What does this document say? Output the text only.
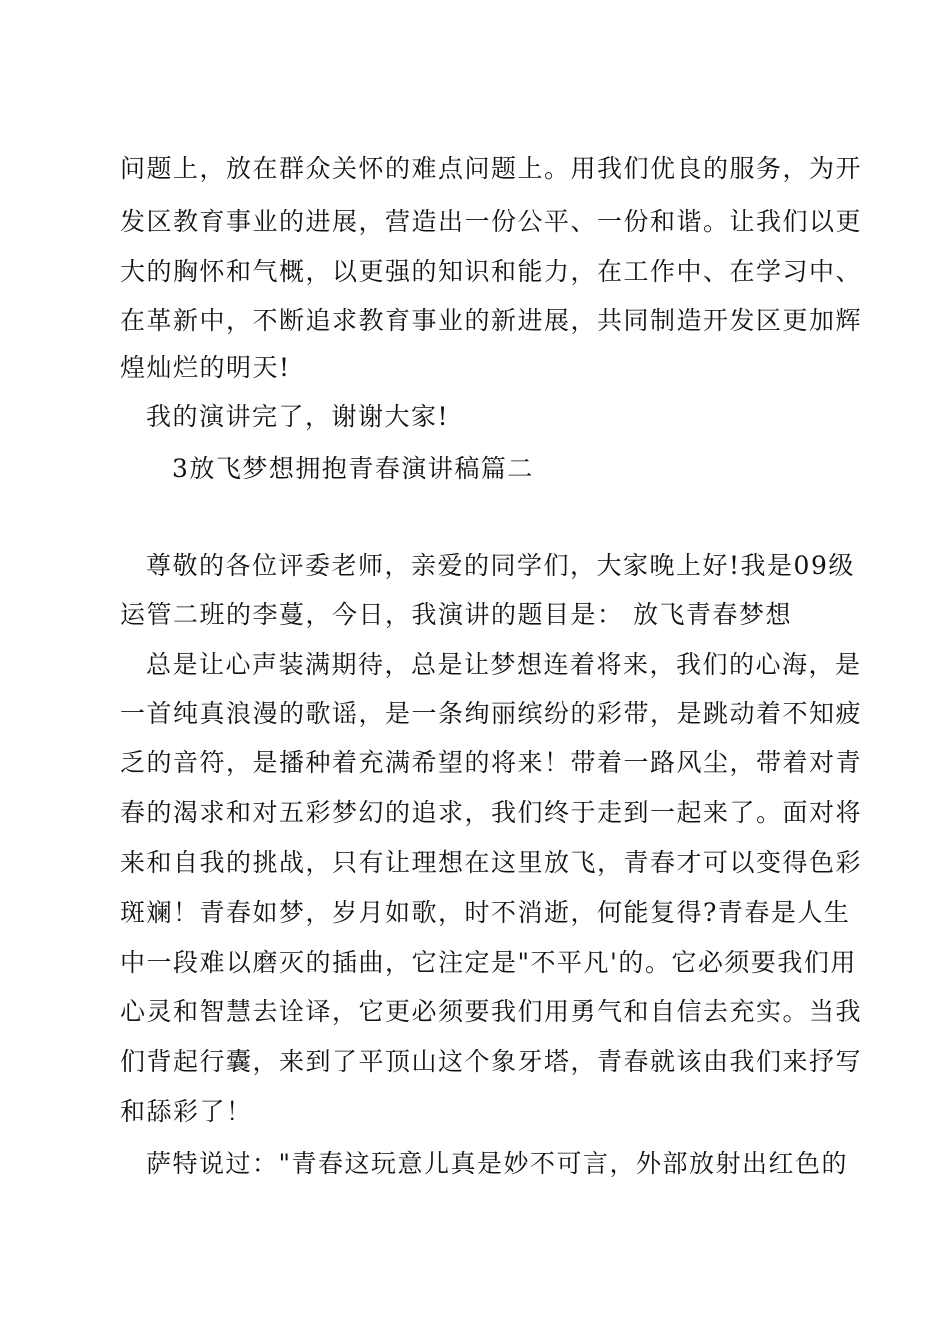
问题上，放在群众关怀的难点问题上。用我们优良的服务，为开
发区教育事业的进展，营造出一份公平、一份和谐。让我们以更
大的胸怀和气概，以更强的知识和能力，在工作中、在学习中、
在革新中，不断追求教育事业的新进展，共同制造开发区更加辉
煌灿烂的明天!
我的演讲完了，谢谢大家!
3放飞梦想拥抱青春演讲稿篇二
尊敬的各位评委老师，亲爱的同学们，大家晚上好!我是09级
运管二班的李蔓，今日，我演讲的题目是： 放飞青春梦想
总是让心声装满期待，总是让梦想连着将来，我们的心海，是
一首纯真浪漫的歌谣，是一条绚丽缤纷的彩带，是跳动着不知疲
乏的音符，是播种着充满希望的将来！带着一路风尘，带着对青
春的渴求和对五彩梦幻的追求，我们终于走到一起来了。面对将
来和自我的挑战，只有让理想在这里放飞，青春才可以变得色彩
斑斓！青春如梦，岁月如歌，时不消逝，何能复得?青春是人生
中一段难以磨灭的插曲，它注定是"不平凡'的。它必须要我们用
心灵和智慧去诠译，它更必须要我们用勇气和自信去充实。当我
们背起行囊，来到了平顶山这个象牙塔，青春就该由我们来抒写
和舔彩了！
萨特说过："青春这玩意儿真是妙不可言，外部放射出红色的
